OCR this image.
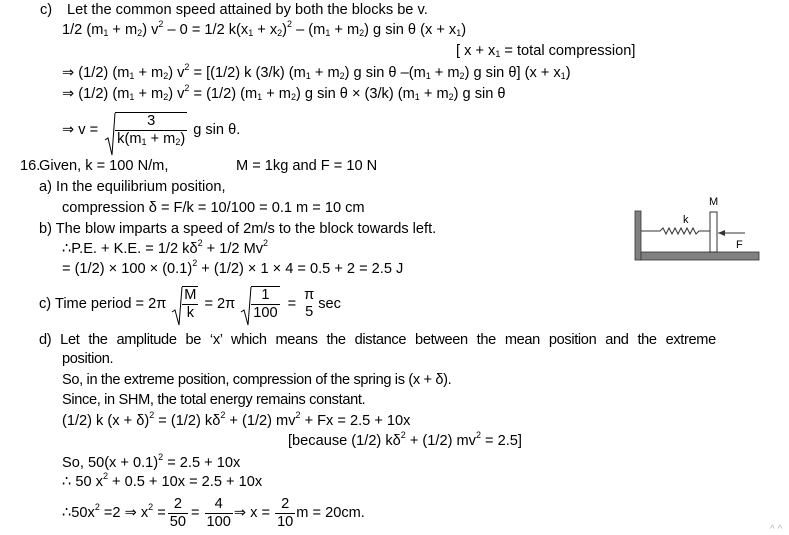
c) Let the common speed attained by both the blocks be v.
1/2 $(m_1 + m_2)$ $v^2 - 0 = 1/2$ $k(x_1 + x_2)^2 - (m_1 + m_2)$ g sin θ $(x + x_1)$
[ $x + x_1$ = total compression]
⇒ (1/2) $(m_1 + m_2) v^2 = [(1/2)$ k (3/k) $(m_1 + m_2)$ g sin θ $-(m_1 + m_2)$ g sin θ] $(x + x_1)$
⇒ (1/2) $(m_1 + m_2) v^2 = (1/2) (m_1 + m_2)$ g sin θ × (3/k) $(m_1 + m_2)$ g sin θ
⇒ $v = \frac{3}{k(m_1 + m_2)}$ g sin θ.
16.
Given, k = 100 N/m,	M = 1kg and F = 10 N
a) In the equilibrium position,
compression δ = F/k = 10/100 = 0.1 m = 10 cm
b) The blow imparts a speed of 2m/s to the block towards left.
∴P.E. + K.E. = 1/2 $k\delta^2 + 1/2$ $Mv^2$
= $(1/2) \times 100 \times (0.1)^2 + (1/2) \times 1 \times 4 = 0.5 + 2 = 2.5$ J
c) Time period = $2\pi \frac{M}{k} = 2\pi \frac{1}{100}$ =
π
5 sec
d) Let the amplitude be ‘x’ which means the distance between the mean position and the extreme
position.
So, in the extreme position, compression of the spring is (x + δ).
Since, in SHM, the total energy remains constant.
(1/2) k $(x + \delta)^2 = (1/2)$ $k\delta^2 + (1/2) mv^2 + Fx = 2.5 + 10x$
[because (1/2) $k\delta^2 + (1/2) mv^2 = 2.5$]
So, $50(x + 0.1)^2 = 2.5 + 10x$
∴ 50 $x^2 + 0.5 + 10x = 2.5 + 10x$
$\therefore 50x^2 =2$ ⇒ $x^2 = \frac{2}{50} = \frac{4}{100}$ ⇒ $x = \frac{2}{10}$ m = 20cm.
M
k
F
^ ^
